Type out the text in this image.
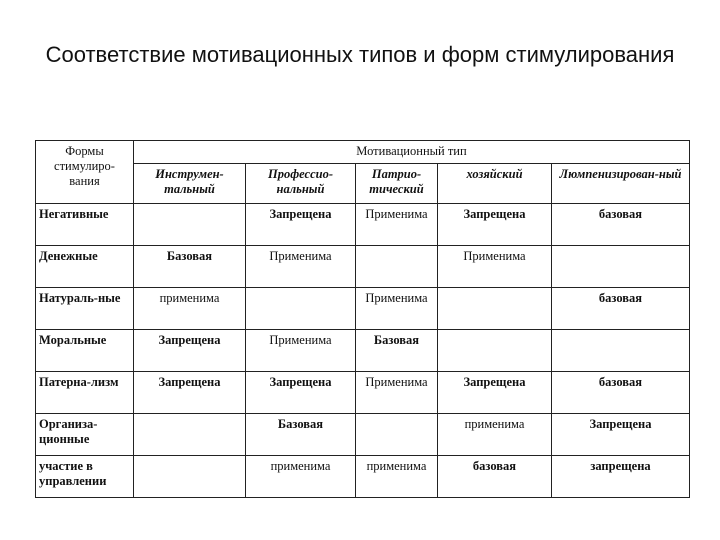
Соответствие мотивационных типов и форм стимулирования
Формы стимулиро-вания	Мотивационный тип				
	Инструмен-тальный	Профессио-нальный	Патрио-тический	хозяйский	Люмпенизирован-ный
Негативные		Запрещена	Применима	Запрещена	базовая
Денежные	Базовая	Применима		Применима	
Натураль-ные	применима		Применима		базовая
Моральные	Запрещена	Применима	Базовая		
Патерна-лизм	Запрещена	Запрещена	Применима	Запрещена	базовая
Организа-ционные		Базовая		применима	Запрещена
участие в управлении		применима	применима	базовая	запрещена
